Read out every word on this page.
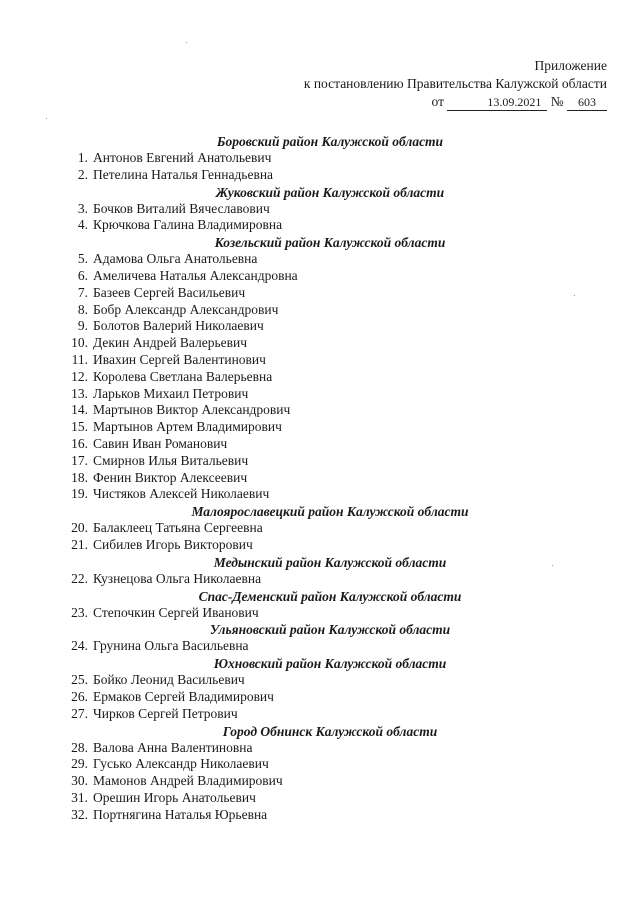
Приложение
к постановлению Правительства Калужской области
от	13.09.2021 № 603
Боровский район Калужской области
1. Антонов Евгений Анатольевич
2. Петелина Наталья Геннадьевна
Жуковский район Калужской области
3. Бочков Виталий Вячеславович
4. Крючкова Галина Владимировна
Козельский район Калужской области
5. Адамова Ольга Анатольевна
6. Амеличева Наталья Александровна
7. Базеев Сергей Васильевич
8. Бобр Александр Александрович
9. Болотов Валерий Николаевич
10. Декин Андрей Валерьевич
11. Ивахин Сергей Валентинович
12. Королева Светлана Валерьевна
13. Ларьков Михаил Петрович
14. Мартынов Виктор Александрович
15. Мартынов Артем Владимирович
16. Савин Иван Романович
17. Смирнов Илья Витальевич
18. Фенин Виктор Алексеевич
19. Чистяков Алексей Николаевич
Малоярославецкий район Калужской области
20. Балаклеец Татьяна Сергеевна
21. Сибилев Игорь Викторович
Медынский район Калужской области
22. Кузнецова Ольга Николаевна
Спас-Деменский район Калужской области
23. Степочкин Сергей Иванович
Ульяновский район Калужской области
24. Грунина Ольга Васильевна
Юхновский район Калужской области
25. Бойко Леонид Васильевич
26. Ермаков Сергей Владимирович
27. Чирков Сергей Петрович
Город Обнинск Калужской области
28. Валова Анна Валентиновна
29. Гусько Александр Николаевич
30. Мамонов Андрей Владимирович
31. Орешин Игорь Анатольевич
32. Портнягина Наталья Юрьевна
